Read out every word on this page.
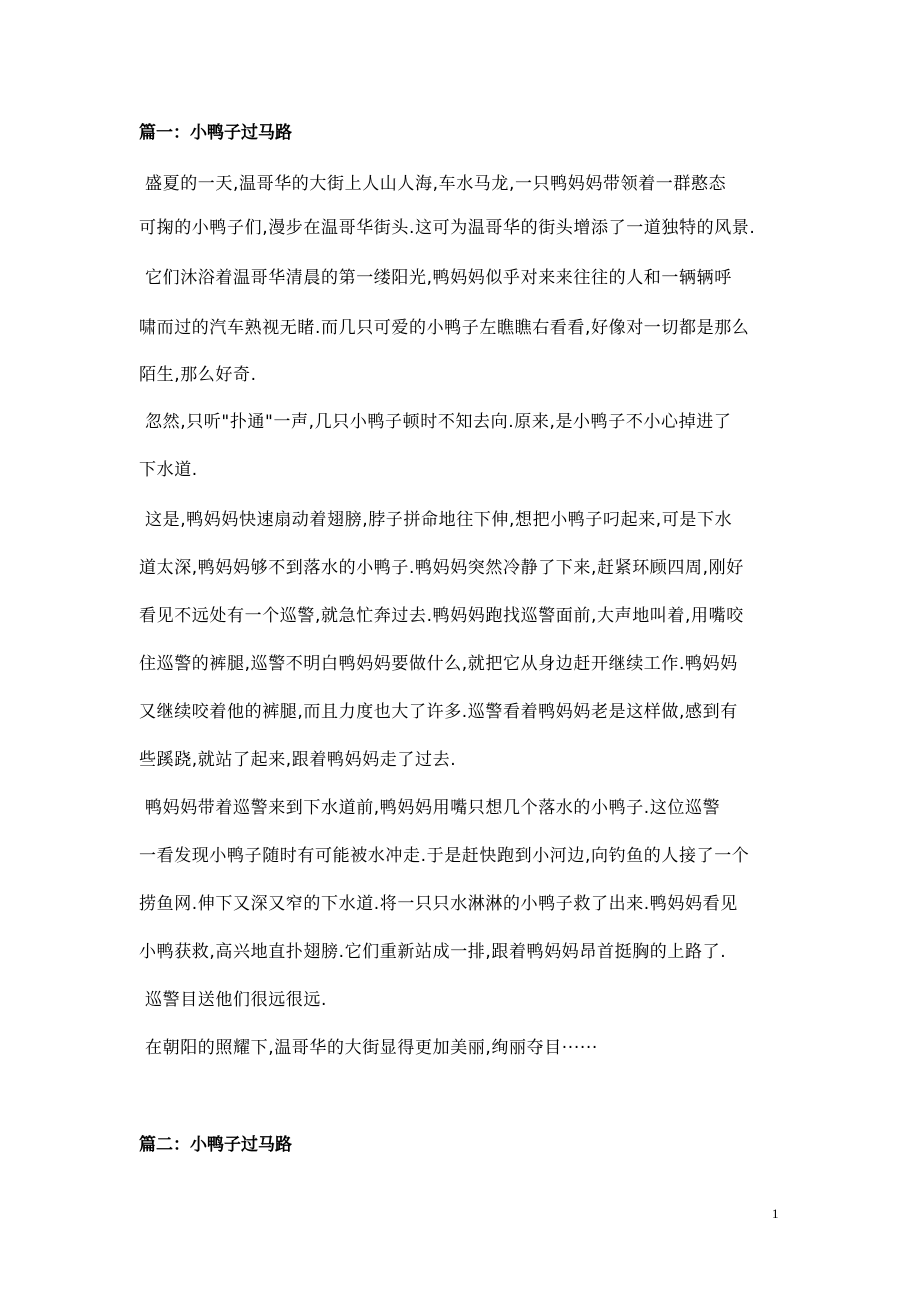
篇一：小鸭子过马路
盛夏的一天,温哥华的大街上人山人海,车水马龙,一只鸭妈妈带领着一群憨态
可掬的小鸭子们,漫步在温哥华街头.这可为温哥华的街头增添了一道独特的风景.
它们沐浴着温哥华清晨的第一缕阳光,鸭妈妈似乎对来来往往的人和一辆辆呼
啸而过的汽车熟视无睹.而几只可爱的小鸭子左瞧瞧右看看,好像对一切都是那么
陌生,那么好奇.
忽然,只听"扑通"一声,几只小鸭子顿时不知去向.原来,是小鸭子不小心掉进了
下水道.
这是,鸭妈妈快速扇动着翅膀,脖子拼命地往下伸,想把小鸭子叼起来,可是下水
道太深,鸭妈妈够不到落水的小鸭子.鸭妈妈突然冷静了下来,赶紧环顾四周,刚好
看见不远处有一个巡警,就急忙奔过去.鸭妈妈跑找巡警面前,大声地叫着,用嘴咬
住巡警的裤腿,巡警不明白鸭妈妈要做什么,就把它从身边赶开继续工作.鸭妈妈
又继续咬着他的裤腿,而且力度也大了许多.巡警看着鸭妈妈老是这样做,感到有
些蹊跷,就站了起来,跟着鸭妈妈走了过去.
鸭妈妈带着巡警来到下水道前,鸭妈妈用嘴只想几个落水的小鸭子.这位巡警
一看发现小鸭子随时有可能被水冲走.于是赶快跑到小河边,向钓鱼的人接了一个
捞鱼网.伸下又深又窄的下水道.将一只只水淋淋的小鸭子救了出来.鸭妈妈看见
小鸭获救,高兴地直扑翅膀.它们重新站成一排,跟着鸭妈妈昂首挺胸的上路了.
巡警目送他们很远很远.
在朝阳的照耀下,温哥华的大街显得更加美丽,绚丽夺目······
篇二：小鸭子过马路
1
